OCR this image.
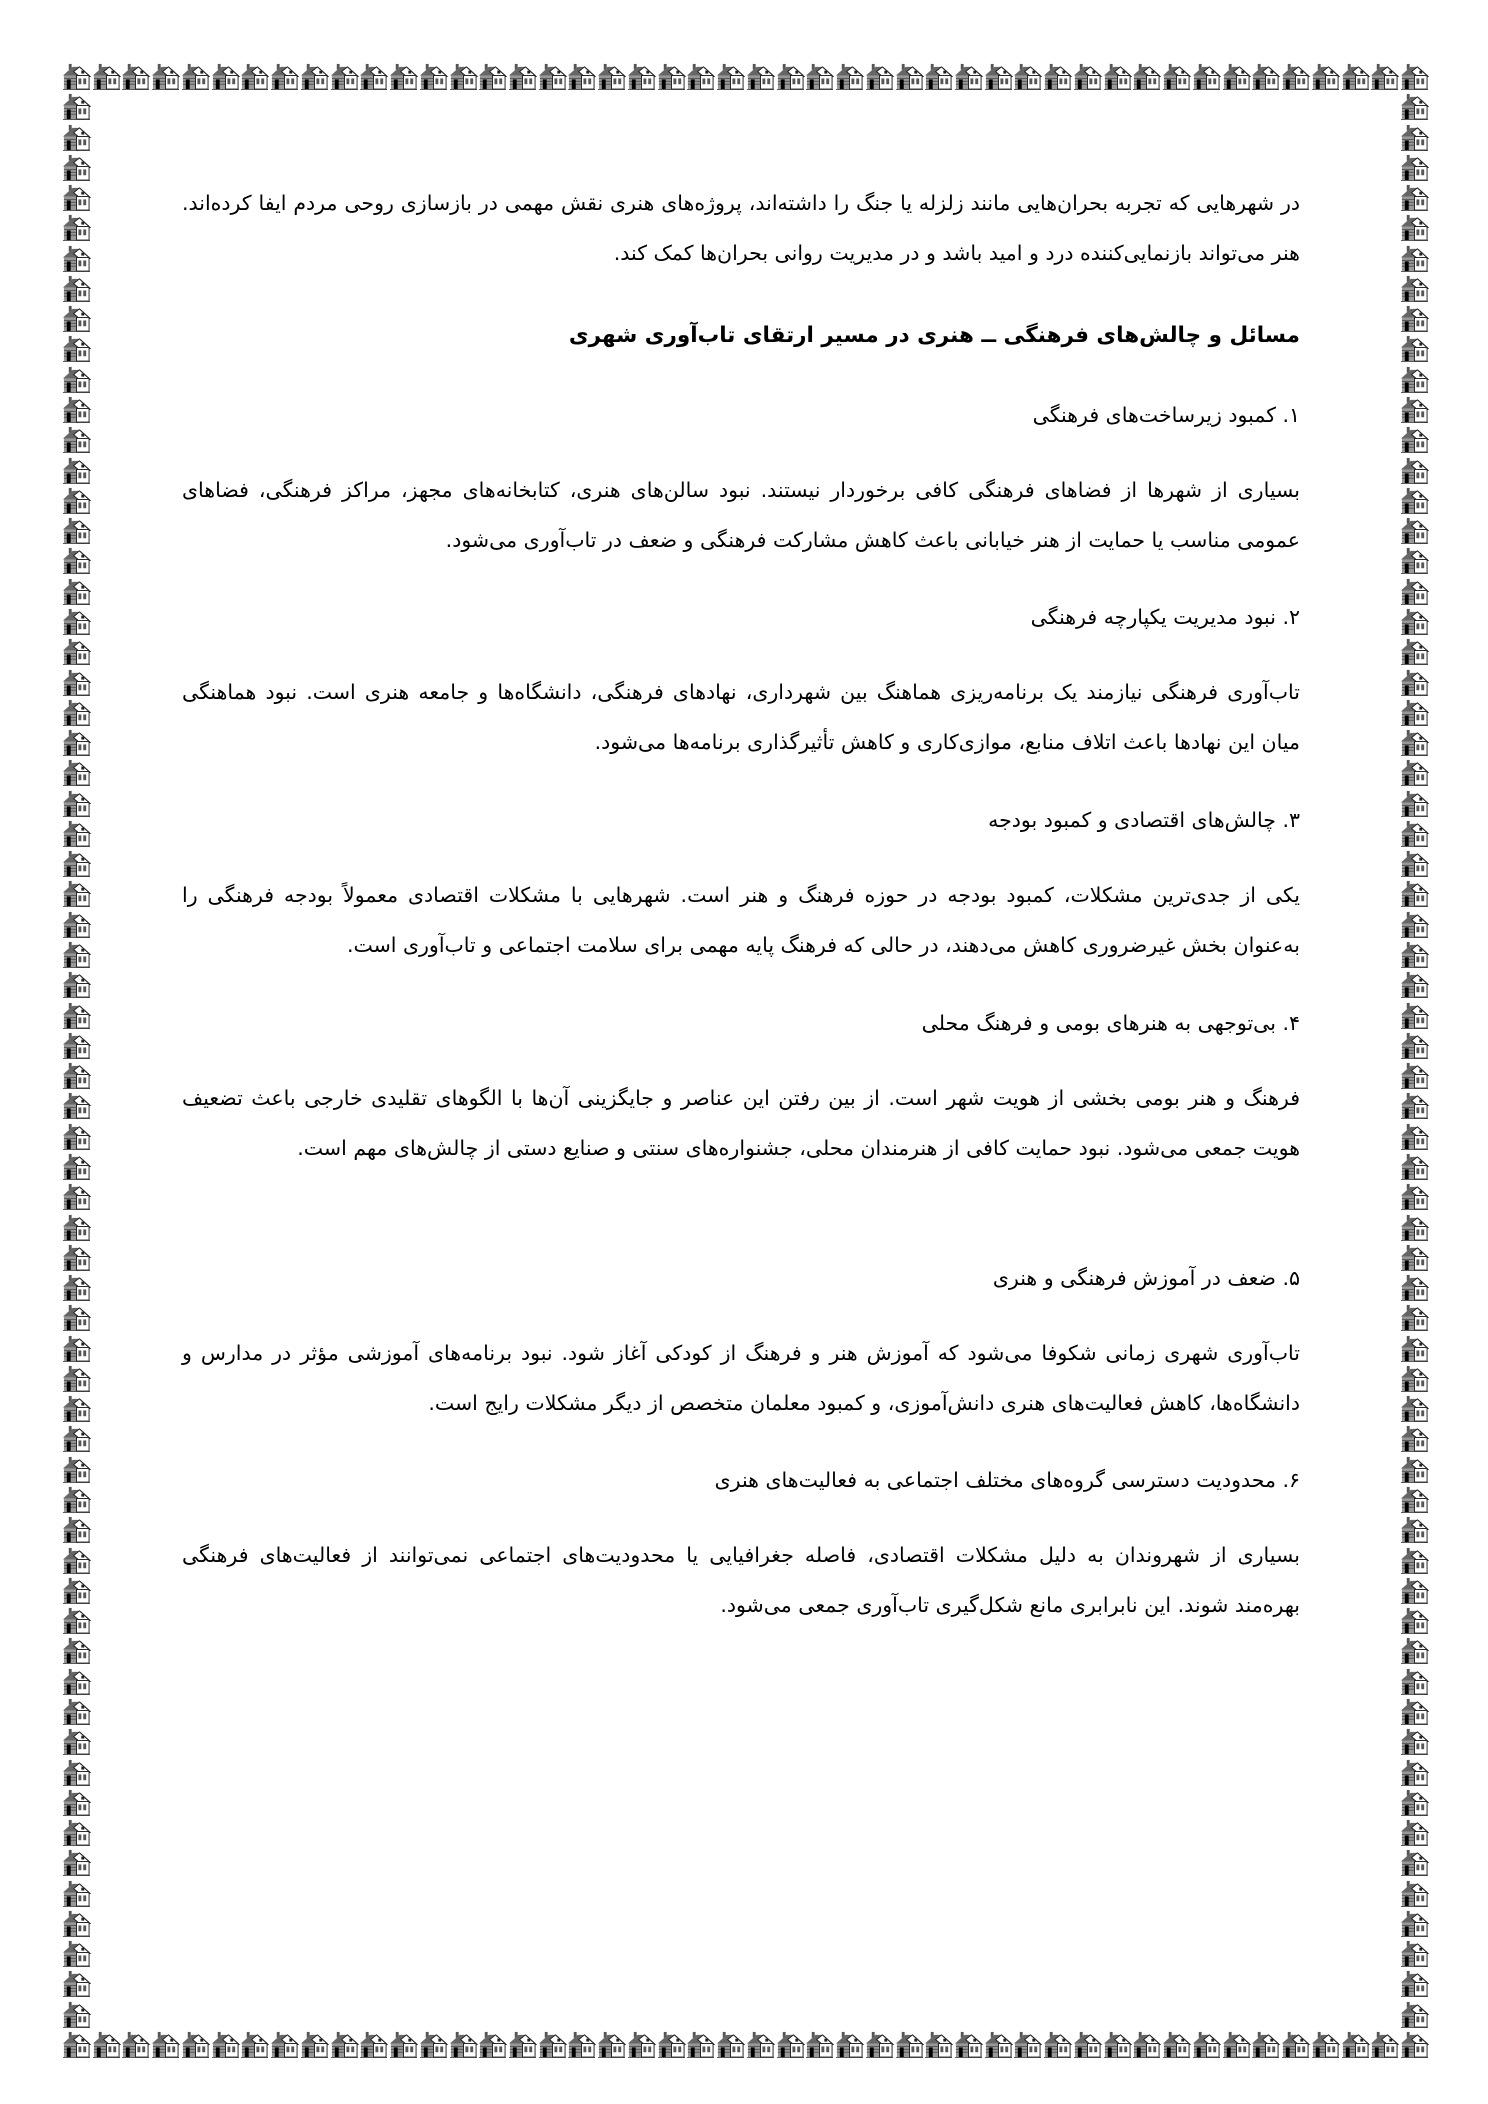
در شهرهایی که تجربه بحران‌هایی مانند زلزله یا جنگ را داشته‌اند، پروژه‌های هنری نقش مهمی در بازسازی روحی مردم ایفا کرده‌اند. هنر می‌تواند بازنمایی‌کننده درد و امید باشد و در مدیریت روانی بحران‌ها کمک کند.

مسائل و چالش‌های فرهنگی ــ هنری در مسیر ارتقای تاب‌آوری شهری
۱. کمبود زیرساخت‌های فرهنگی

بسیاری از شهرها از فضاهای فرهنگی کافی برخوردار نیستند. نبود سالن‌های هنری، کتابخانه‌های مجهز، مراکز فرهنگی، فضاهای عمومی مناسب یا حمایت از هنر خیابانی باعث کاهش مشارکت فرهنگی و ضعف در تاب‌آوری می‌شود.

۲. نبود مدیریت یکپارچه فرهنگی

تاب‌آوری فرهنگی نیازمند یک برنامه‌ریزی هماهنگ بین شهرداری، نهادهای فرهنگی، دانشگاه‌ها و جامعه هنری است. نبود هماهنگی میان این نهادها باعث اتلاف منابع، موازی‌کاری و کاهش تأثیرگذاری برنامه‌ها می‌شود.

۳. چالش‌های اقتصادی و کمبود بودجه

یکی از جدی‌ترین مشکلات، کمبود بودجه در حوزه فرهنگ و هنر است. شهرهایی با مشکلات اقتصادی معمولاً بودجه فرهنگی را به‌عنوان بخش غیرضروری کاهش می‌دهند، در حالی که فرهنگ پایه مهمی برای سلامت اجتماعی و تاب‌آوری است.

۴. بی‌توجهی به هنرهای بومی و فرهنگ محلی

فرهنگ و هنر بومی بخشی از هویت شهر است. از بین رفتن این عناصر و جایگزینی آن‌ها با الگوهای تقلیدی خارجی باعث تضعیف هویت جمعی می‌شود. نبود حمایت کافی از هنرمندان محلی، جشنواره‌های سنتی و صنایع دستی از چالش‌های مهم است.

۵. ضعف در آموزش فرهنگی و هنری

تاب‌آوری شهری زمانی شکوفا می‌شود که آموزش هنر و فرهنگ از کودکی آغاز شود. نبود برنامه‌های آموزشی مؤثر در مدارس و دانشگاه‌ها، کاهش فعالیت‌های هنری دانش‌آموزی، و کمبود معلمان متخصص از دیگر مشکلات رایج است.

۶. محدودیت دسترسی گروه‌های مختلف اجتماعی به فعالیت‌های هنری

بسیاری از شهروندان به دلیل مشکلات اقتصادی، فاصله جغرافیایی یا محدودیت‌های اجتماعی نمی‌توانند از فعالیت‌های فرهنگی بهره‌مند شوند. این نابرابری مانع شکل‌گیری تاب‌آوری جمعی می‌شود.
